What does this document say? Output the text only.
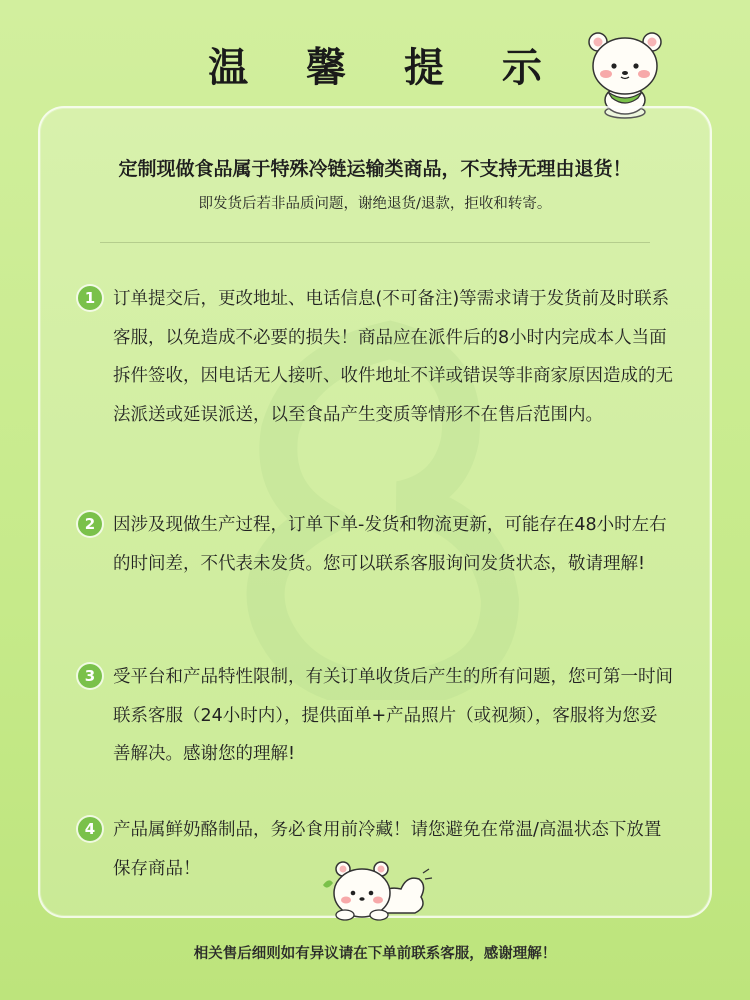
温 馨 提 示
定制现做食品属于特殊冷链运输类商品，不支持无理由退货！
即发货后若非品质问题，谢绝退货/退款，拒收和转寄。
1	订单提交后，更改地址、电话信息(不可备注)等需求请于发货前及时联系客服，以免造成不必要的损失！商品应在派件后的8小时内完成本人当面拆件签收，因电话无人接听、收件地址不详或错误等非商家原因造成的无法派送或延误派送，以至食品产生变质等情形不在售后范围内。
2	因涉及现做生产过程，订单下单-发货和物流更新，可能存在48小时左右的时间差，不代表未发货。您可以联系客服询问发货状态，敬请理解!
3	受平台和产品特性限制，有关订单收货后产生的所有问题，您可第一时间联系客服（24小时内），提供面单+产品照片（或视频），客服将为您妥善解决。感谢您的理解!
4	产品属鲜奶酪制品，务必食用前冷藏！请您避免在常温/高温状态下放置保存商品！
相关售后细则如有异议请在下单前联系客服，感谢理解！
